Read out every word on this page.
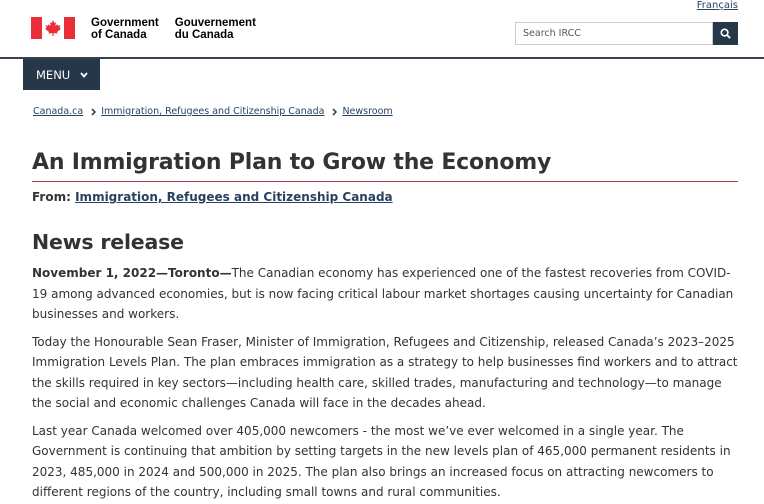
Français
Government
of Canada
Gouvernement
du Canada
Search IRCC
MENU
Canada.ca Immigration, Refugees and Citizenship Canada Newsroom
An Immigration Plan to Grow the Economy
From: Immigration, Refugees and Citizenship Canada
News release

November 1, 2022—Toronto—The Canadian economy has experienced one of the fastest recoveries from COVID-19 among advanced economies, but is now facing critical labour market shortages causing uncertainty for Canadian businesses and workers.

Today the Honourable Sean Fraser, Minister of Immigration, Refugees and Citizenship, released Canada’s 2023–2025 Immigration Levels Plan. The plan embraces immigration as a strategy to help businesses find workers and to attract the skills required in key sectors—including health care, skilled trades, manufacturing and technology—to manage the social and economic challenges Canada will face in the decades ahead.

Last year Canada welcomed over 405,000 newcomers - the most we’ve ever welcomed in a single year. The Government is continuing that ambition by setting targets in the new levels plan of 465,000 permanent residents in 2023, 485,000 in 2024 and 500,000 in 2025. The plan also brings an increased focus on attracting newcomers to different regions of the country, including small towns and rural communities.
